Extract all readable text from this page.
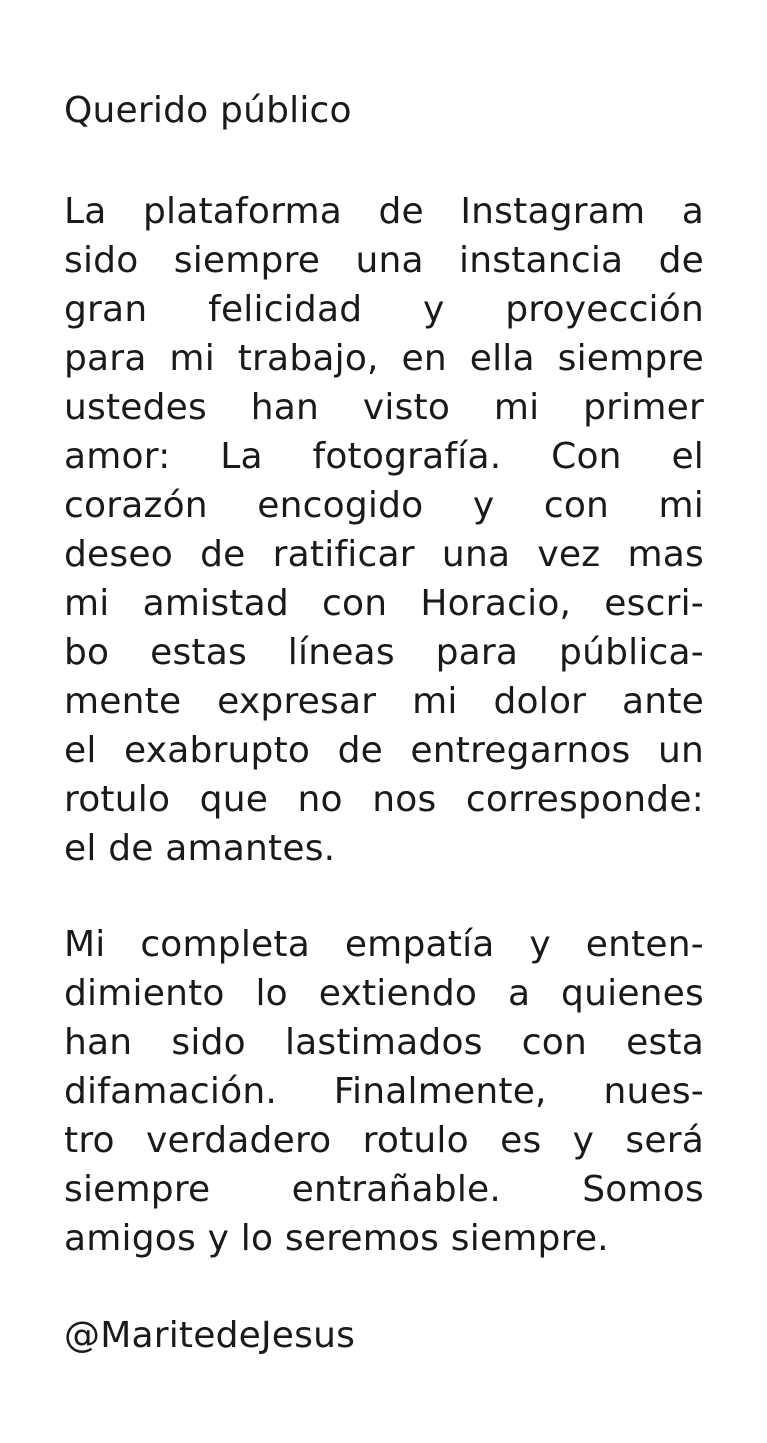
Querido público

La plataforma de Instagram a
sido siempre una instancia de
gran felicidad y proyección
para mi trabajo, en ella siempre
ustedes han visto mi primer
amor: La fotografía. Con el
corazón encogido y con mi
deseo de ratificar una vez mas
mi amistad con Horacio, escri-
bo estas líneas para pública-
mente expresar mi dolor ante
el exabrupto de entregarnos un
rotulo que no nos corresponde:
el de amantes.
Mi completa empatía y enten-
dimiento lo extiendo a quienes
han sido lastimados con esta
difamación. Finalmente, nues-
tro verdadero rotulo es y será
siempre entrañable. Somos
amigos y lo seremos siempre.

@MaritedeJesus
